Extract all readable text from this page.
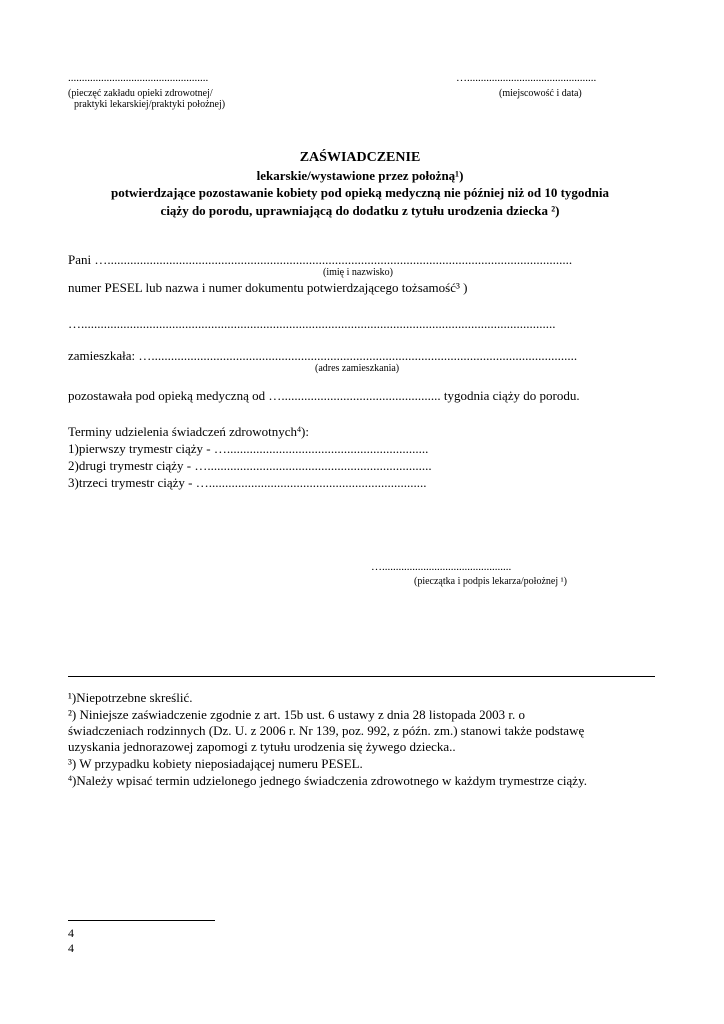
...................................................
(pieczęć zakładu opieki zdrowotnej/
praktyki lekarskiej/praktyki położnej)
…...............................................
(miejscowość i data)
ZAŚWIADCZENIE
lekarskie/wystawione przez położną¹)
potwierdzające pozostawanie kobiety pod opieką medyczną nie później niż od 10 tygodnia
ciąży do porodu, uprawniającą do dodatku z tytułu urodzenia dziecka ²)
Pani …...............................................................................................................................................
(imię i nazwisko)
numer PESEL lub nazwa i numer dokumentu potwierdzającego tożsamość³ )
…..................................................................................................................................................
zamieszkała: …...................................................................................................................................
(adres zamieszkania)
pozostawała pod opieką medyczną od …................................................. tygodnia ciąży do porodu.
Terminy udzielenia świadczeń zdrowotnych$^4$):
1)pierwszy trymestr ciąży - …..............................................................
2)drugi trymestr ciąży - ….....................................................................
3)trzeci trymestr ciąży - …...................................................................
…...............................................
(pieczątka i podpis lekarza/położnej ¹)
¹)Niepotrzebne skreślić.
²) Niniejsze zaświadczenie zgodnie z art. 15b ust. 6 ustawy z dnia 28 listopada 2003 r. o
świadczeniach rodzinnych (Dz. U. z 2006 r. Nr 139, poz. 992, z późn. zm.) stanowi także podstawę
uzyskania jednorazowej zapomogi z tytułu urodzenia się żywego dziecka..
³) W przypadku kobiety nieposiadającej numeru PESEL.
$^4$)Należy wpisać termin udzielonego jednego świadczenia zdrowotnego w każdym trymestrze ciąży.
4
4
